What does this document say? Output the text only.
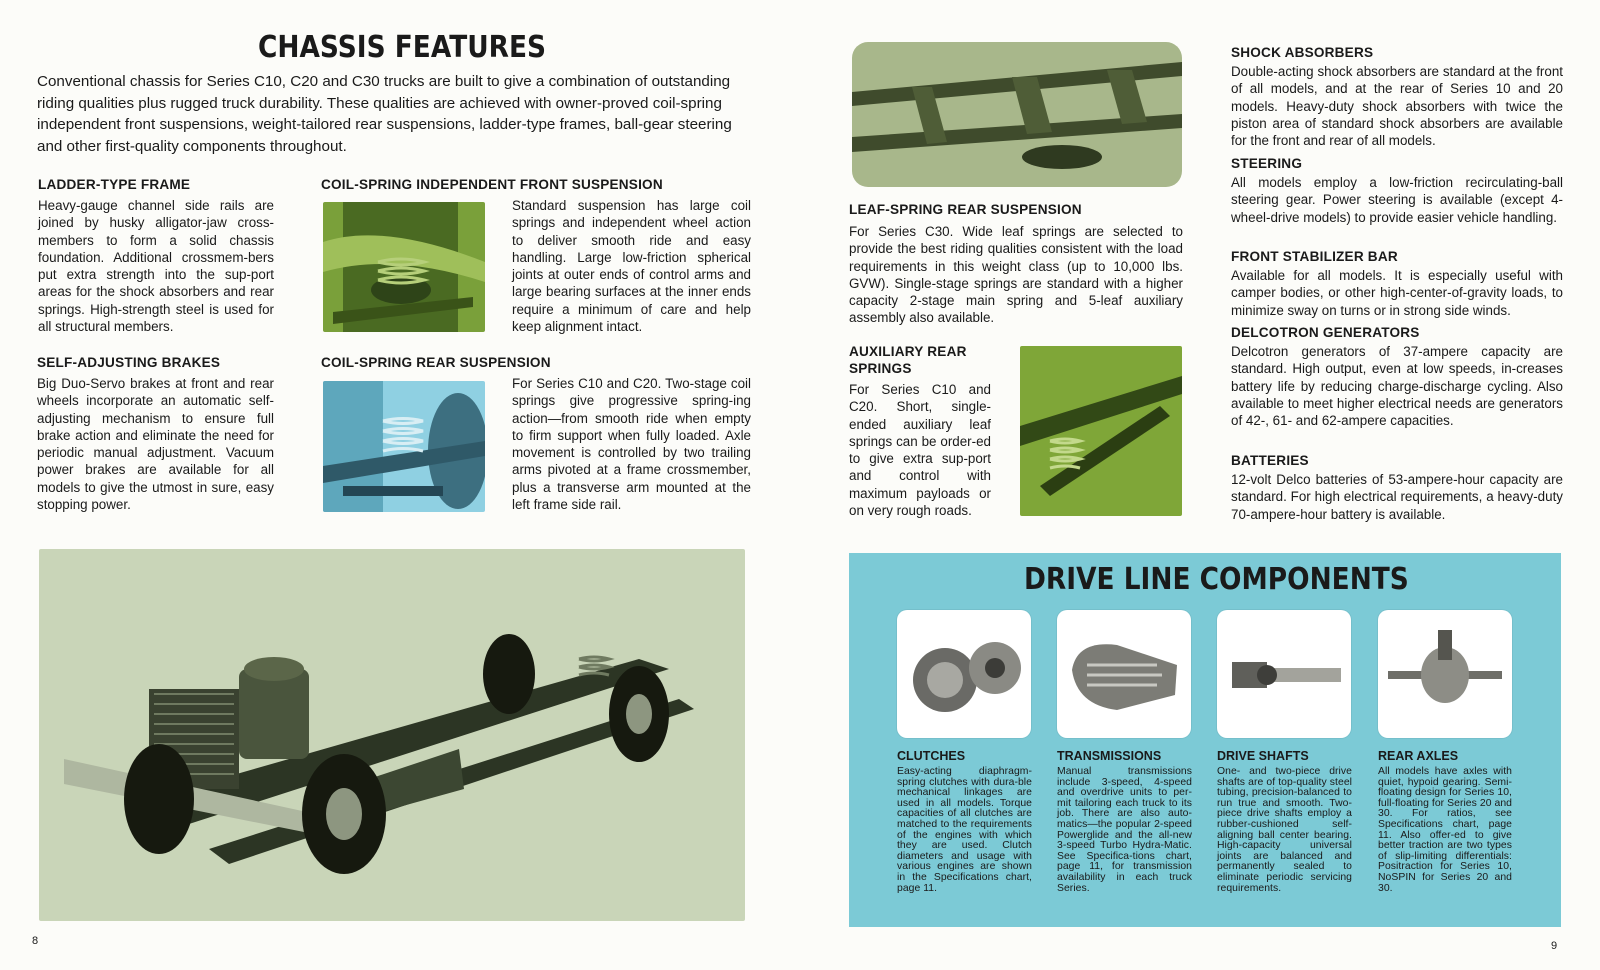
CHASSIS FEATURES
Conventional chassis for Series C10, C20 and C30 trucks are built to give a combination of outstanding riding qualities plus rugged truck durability. These qualities are achieved with owner-proved coil-spring independent front suspensions, weight-tailored rear suspensions, ladder-type frames, ball-gear steering and other first-quality components throughout.
LADDER-TYPE FRAME
Heavy-gauge channel side rails are joined by husky alligator-jaw cross-members to form a solid chassis foundation. Additional crossmem-bers put extra strength into the sup-port areas for the shock absorbers and rear springs. High-strength steel is used for all structural members.
COIL-SPRING INDEPENDENT FRONT SUSPENSION
Standard suspension has large coil springs and independent wheel action to deliver smooth ride and easy handling. Large low-friction spherical joints at outer ends of control arms and large bearing surfaces at the inner ends require a minimum of care and help keep alignment intact.
SELF-ADJUSTING BRAKES
Big Duo-Servo brakes at front and rear wheels incorporate an automatic self-adjusting mechanism to ensure full brake action and eliminate the need for periodic manual adjustment. Vacuum power brakes are available for all models to give the utmost in sure, easy stopping power.
COIL-SPRING REAR SUSPENSION
For Series C10 and C20. Two-stage coil springs give progressive spring-ing action—from smooth ride when empty to firm support when fully loaded. Axle movement is controlled by two trailing arms pivoted at a frame crossmember, plus a transverse arm mounted at the left frame side rail.
8
LEAF-SPRING REAR SUSPENSION
For Series C30. Wide leaf springs are selected to provide the best riding qualities consistent with the load requirements in this weight class (up to 10,000 lbs. GVW). Single-stage springs are standard with a higher capacity 2-stage main spring and 5-leaf auxiliary assembly also available.
AUXILIARY REAR
SPRINGS
For Series C10 and C20. Short, single-ended auxiliary leaf springs can be order-ed to give extra sup-port and control with maximum payloads or on very rough roads.
SHOCK ABSORBERS
Double-acting shock absorbers are standard at the front of all models, and at the rear of Series 10 and 20 models. Heavy-duty shock absorbers with twice the piston area of standard shock absorbers are available for the front and rear of all models.
STEERING
All models employ a low-friction recirculating-ball steering gear. Power steering is available (except 4-wheel-drive models) to provide easier vehicle handling.
FRONT STABILIZER BAR
Available for all models. It is especially useful with camper bodies, or other high-center-of-gravity loads, to minimize sway on turns or in strong side winds.
DELCOTRON GENERATORS
Delcotron generators of 37-ampere capacity are standard. High output, even at low speeds, in-creases battery life by reducing charge-discharge cycling. Also available to meet higher electrical needs are generators of 42-, 61- and 62-ampere capacities.
BATTERIES
12-volt Delco batteries of 53-ampere-hour capacity are standard. For high electrical requirements, a heavy-duty 70-ampere-hour battery is available.
DRIVE LINE COMPONENTS
CLUTCHES
Easy-acting diaphragm-spring clutches with dura-ble mechanical linkages are used in all models. Torque capacities of all clutches are matched to the requirements of the engines with which they are used. Clutch diameters and usage with various engines are shown in the Specifications chart, page 11.
TRANSMISSIONS
Manual transmissions include 3-speed, 4-speed and overdrive units to per-mit tailoring each truck to its job. There are also auto-matics—the popular 2-speed Powerglide and the all-new 3-speed Turbo Hydra-Matic. See Specifica-tions chart, page 11, for transmission availability in each truck Series.
DRIVE SHAFTS
One- and two-piece drive shafts are of top-quality steel tubing, precision-balanced to run true and smooth. Two-piece drive shafts employ a rubber-cushioned self-aligning ball center bearing. High-capacity universal joints are balanced and permanently sealed to eliminate periodic servicing requirements.
REAR AXLES
All models have axles with quiet, hypoid gearing. Semi-floating design for Series 10, full-floating for Series 20 and 30. For ratios, see Specifications chart, page 11. Also offer-ed to give better traction are two types of slip-limiting differentials: Positraction for Series 10, NoSPIN for Series 20 and 30.
9
